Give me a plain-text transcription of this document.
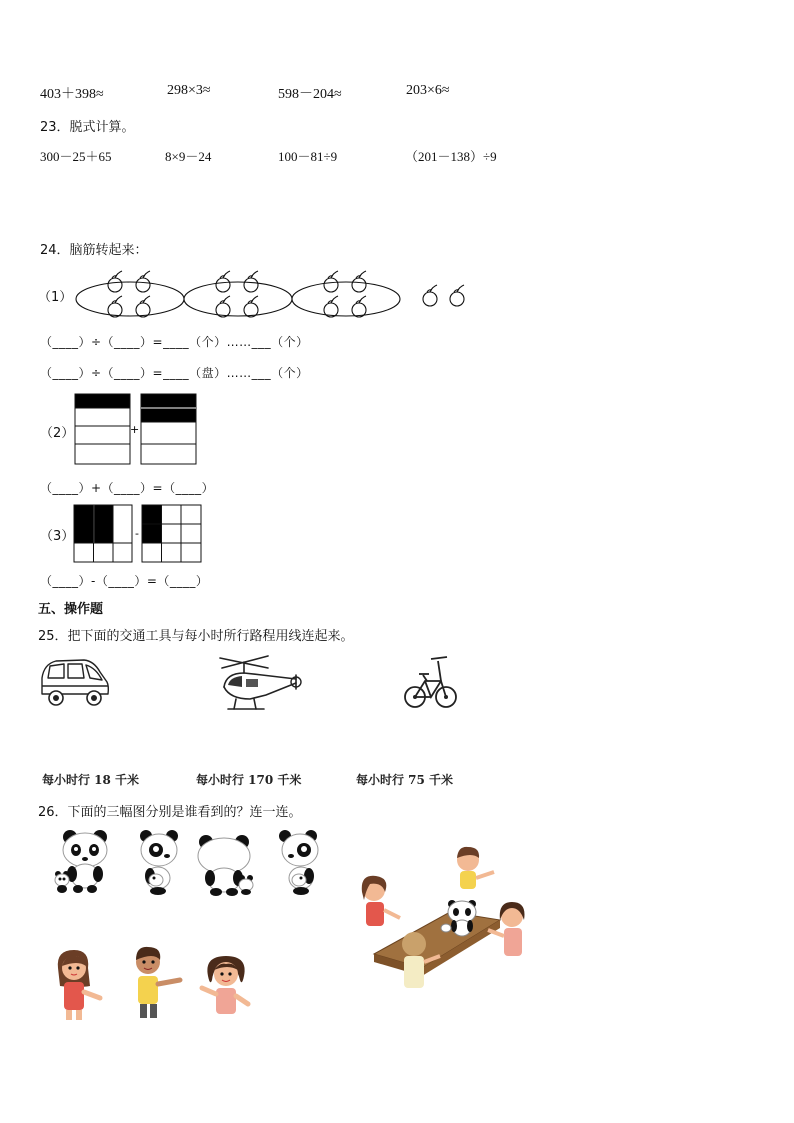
403＋398≈	298×3≈	598－204≈	203×6≈
23．脱式计算。
300－25＋65	8×9－24	100－81÷9	（201－138）÷9
24．脑筋转起来：
（1）
（____）÷（____）=____（个）……___（个）
（____）÷（____）=____（盘）……___（个）
（2）	+
（____）+（____）=（____）
（3）	-
（____）-（____）=（____）
五、操作题
25．把下面的交通工具与每小时所行路程用线连起来。
每小时行 18 千米	每小时行 170 千米	每小时行 75 千米
26．下面的三幅图分别是谁看到的？连一连。
